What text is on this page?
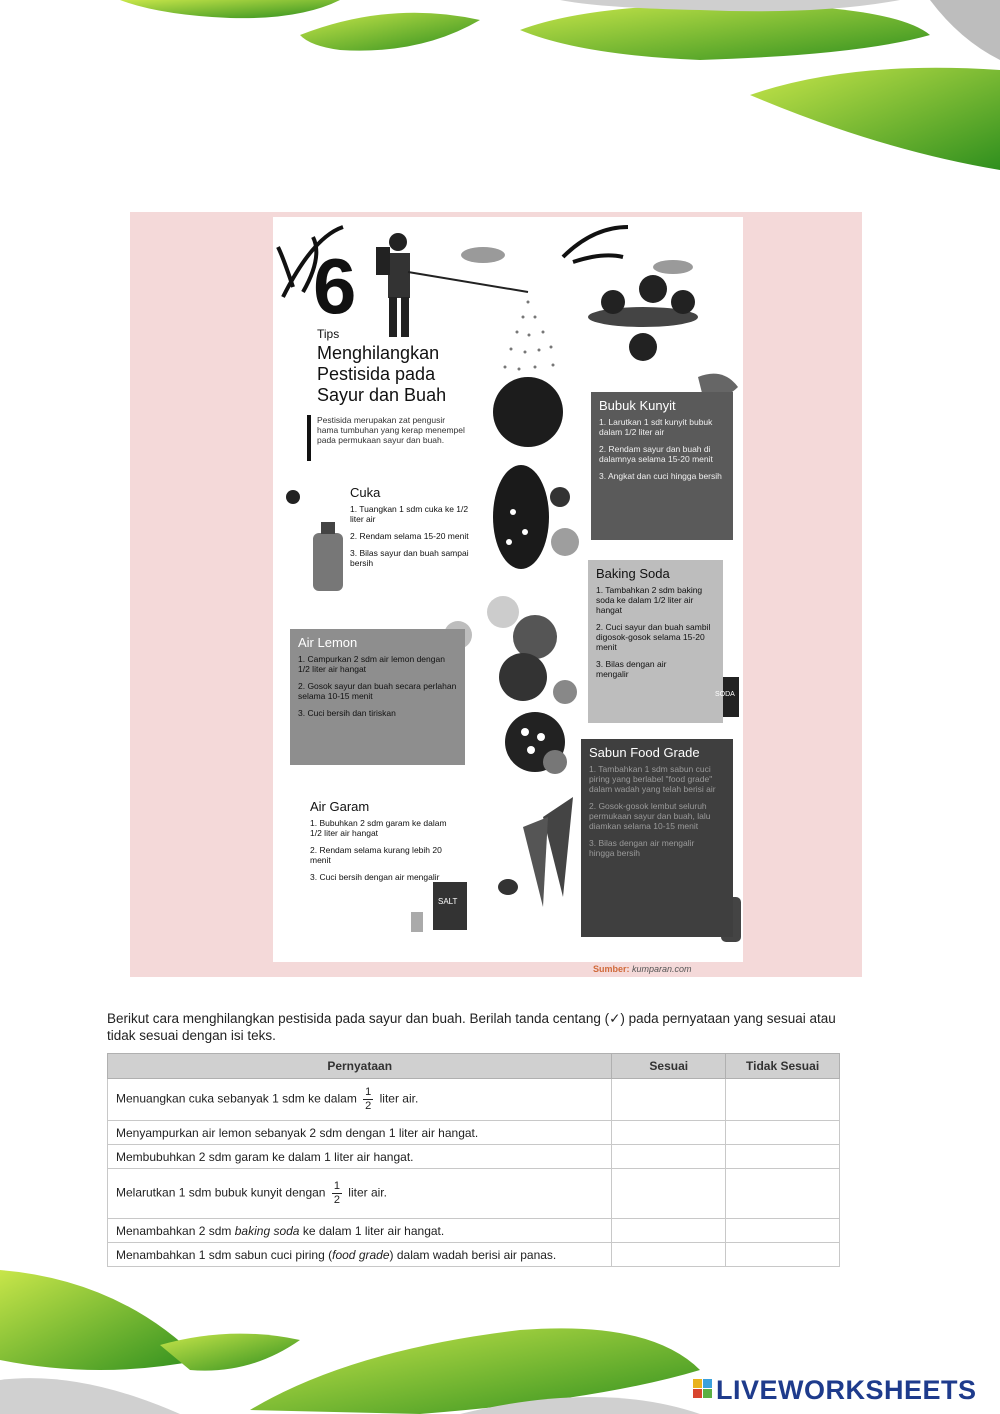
6
Tips
Menghilangkan
Pestisida pada
Sayur dan Buah
Pestisida merupakan zat pengusir hama tumbuhan yang kerap menempel pada permukaan sayur dan buah.
Cuka
1. Tuangkan 1 sdm cuka ke 1/2 liter air
2. Rendam selama 15-20 menit
3. Bilas sayur dan buah sampai bersih
Air Lemon
1. Campurkan 2 sdm air lemon dengan 1/2 liter air hangat
2. Gosok sayur dan buah secara perlahan selama 10-15 menit
3. Cuci bersih dan tiriskan
Air Garam
1. Bubuhkan 2 sdm garam ke dalam 1/2 liter air hangat
2. Rendam selama kurang lebih 20 menit
3. Cuci bersih dengan air mengalir
Bubuk Kunyit
1. Larutkan 1 sdt kunyit bubuk dalam 1/2 liter air
2. Rendam sayur dan buah di dalamnya selama 15-20 menit
3. Angkat dan cuci hingga bersih
Baking Soda
1. Tambahkan 2 sdm baking soda ke dalam 1/2 liter air hangat
2. Cuci sayur dan buah sambil digosok-gosok selama 15-20 menit
3. Bilas dengan air mengalir
SODA
Sabun Food Grade
1. Tambahkan 1 sdm sabun cuci piring yang berlabel "food grade" dalam wadah yang telah berisi air
2. Gosok-gosok lembut seluruh permukaan sayur dan buah, lalu diamkan selama 10-15 menit
3. Bilas dengan air mengalir hingga bersih
SALT
Sumber: kumparan.com
Berikut cara menghilangkan pestisida pada sayur dan buah. Berilah tanda centang (✓) pada pernyataan yang sesuai atau tidak sesuai dengan isi teks.
Pernyataan	Sesuai	Tidak Sesuai
Menuangkan cuka sebanyak 1 sdm ke dalam $\frac{1}{2}$ liter air.		
Menyampurkan air lemon sebanyak 2 sdm dengan 1 liter air hangat.		
Membubuhkan 2 sdm garam ke dalam 1 liter air hangat.		
Melarutkan 1 sdm bubuk kunyit dengan $\frac{1}{2}$ liter air.		
Menambahkan 2 sdm baking soda ke dalam 1 liter air hangat.		
Menambahkan 1 sdm sabun cuci piring (food grade) dalam wadah berisi air panas.		
LIVEWORKSHEETS
